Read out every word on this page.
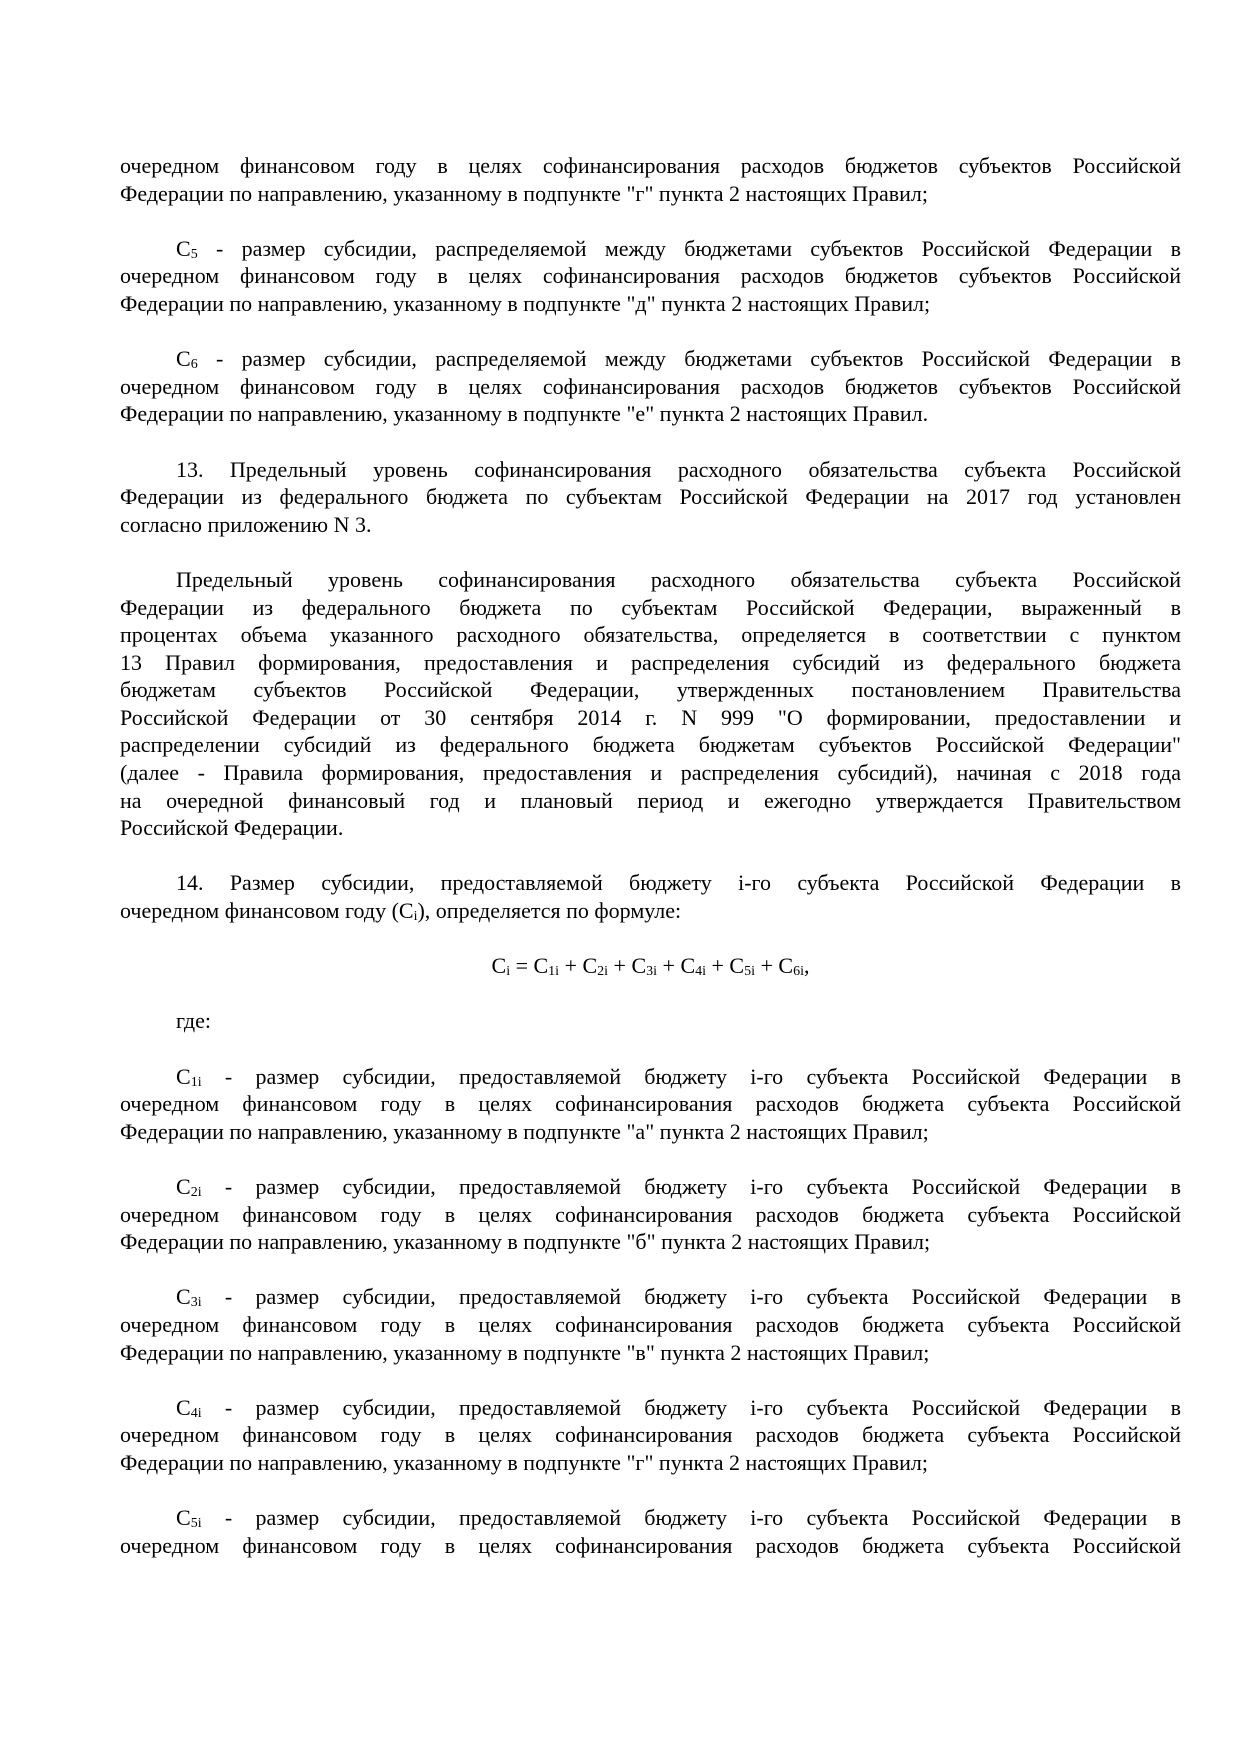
очередном финансовом году в целях софинансирования расходов бюджетов субъектов Российской
Федерации по направлению, указанному в подпункте "г" пункта 2 настоящих Правил;
C5 - размер субсидии, распределяемой между бюджетами субъектов Российской Федерации в
очередном финансовом году в целях софинансирования расходов бюджетов субъектов Российской
Федерации по направлению, указанному в подпункте "д" пункта 2 настоящих Правил;
C6 - размер субсидии, распределяемой между бюджетами субъектов Российской Федерации в
очередном финансовом году в целях софинансирования расходов бюджетов субъектов Российской
Федерации по направлению, указанному в подпункте "е" пункта 2 настоящих Правил.
13. Предельный уровень софинансирования расходного обязательства субъекта Российской
Федерации из федерального бюджета по субъектам Российской Федерации на 2017 год установлен
согласно приложению N 3.
Предельный уровень софинансирования расходного обязательства субъекта Российской
Федерации из федерального бюджета по субъектам Российской Федерации, выраженный в
процентах объема указанного расходного обязательства, определяется в соответствии с пунктом
13 Правил формирования, предоставления и распределения субсидий из федерального бюджета
бюджетам субъектов Российской Федерации, утвержденных постановлением Правительства
Российской Федерации от 30 сентября 2014 г. N 999 "О формировании, предоставлении и
распределении субсидий из федерального бюджета бюджетам субъектов Российской Федерации"
(далее - Правила формирования, предоставления и распределения субсидий), начиная с 2018 года
на очередной финансовый год и плановый период и ежегодно утверждается Правительством
Российской Федерации.
14. Размер субсидии, предоставляемой бюджету i-го субъекта Российской Федерации в
очередном финансовом году (Ci), определяется по формуле:
Ci = C1i + C2i + C3i + C4i + C5i + C6i,
где:
C1i - размер субсидии, предоставляемой бюджету i-го субъекта Российской Федерации в
очередном финансовом году в целях софинансирования расходов бюджета субъекта Российской
Федерации по направлению, указанному в подпункте "а" пункта 2 настоящих Правил;
C2i - размер субсидии, предоставляемой бюджету i-го субъекта Российской Федерации в
очередном финансовом году в целях софинансирования расходов бюджета субъекта Российской
Федерации по направлению, указанному в подпункте "б" пункта 2 настоящих Правил;
C3i - размер субсидии, предоставляемой бюджету i-го субъекта Российской Федерации в
очередном финансовом году в целях софинансирования расходов бюджета субъекта Российской
Федерации по направлению, указанному в подпункте "в" пункта 2 настоящих Правил;
C4i - размер субсидии, предоставляемой бюджету i-го субъекта Российской Федерации в
очередном финансовом году в целях софинансирования расходов бюджета субъекта Российской
Федерации по направлению, указанному в подпункте "г" пункта 2 настоящих Правил;
C5i - размер субсидии, предоставляемой бюджету i-го субъекта Российской Федерации в
очередном финансовом году в целях софинансирования расходов бюджета субъекта Российской
